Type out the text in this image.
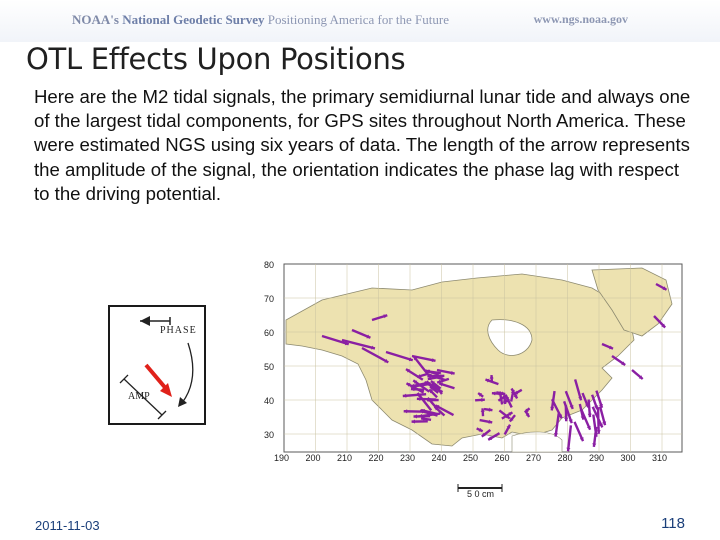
NOAA's National Geodetic Survey Positioning America for the Future	www.ngs.noaa.gov
OTL Effects Upon Positions
Here are the M2 tidal signals, the primary semidiurnal lunar tide and always one of the largest tidal components, for GPS sites throughout North America. These were estimated NGS using six years of data. The length of the arrow represents the amplitude of the signal, the orientation indicates the phase lag with respect to the driving potential.
PHASE
AMP
5 0 cm
80
70
60
50
40
30
190 200 210 220 230 240 250 260 270 280 290 300 310
2011-11-03	118
